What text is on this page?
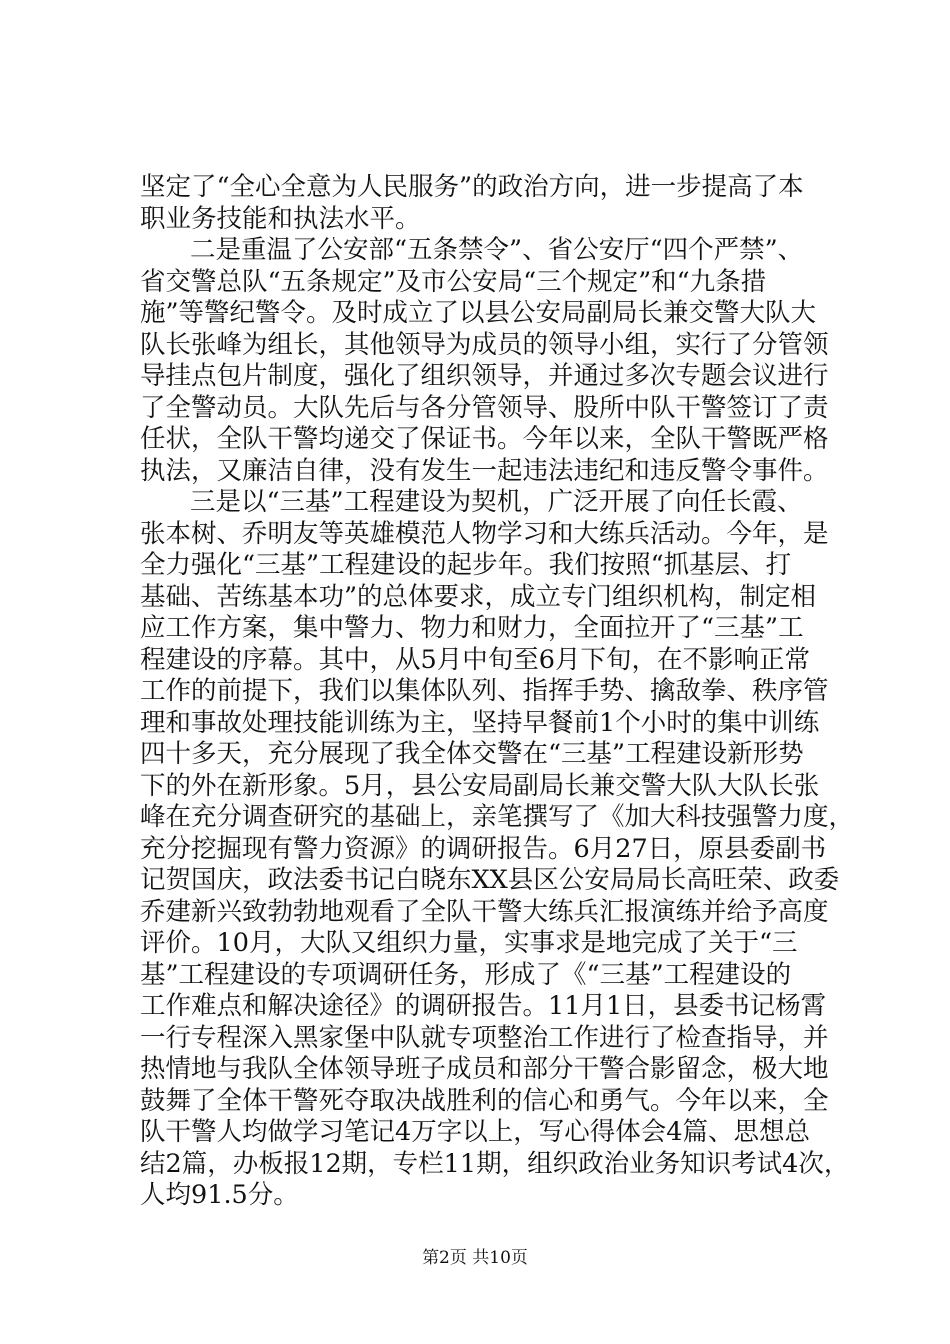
坚定了“全心全意为人民服务”的政治方向，进一步提高了本
职业务技能和执法水平。
二是重温了公安部“五条禁令”、省公安厅“四个严禁”、
省交警总队“五条规定”及市公安局“三个规定”和“九条措
施”等警纪警令。及时成立了以县公安局副局长兼交警大队大
队长张峰为组长，其他领导为成员的领导小组，实行了分管领
导挂点包片制度，强化了组织领导，并通过多次专题会议进行
了全警动员。大队先后与各分管领导、股所中队干警签订了责
任状，全队干警均递交了保证书。今年以来，全队干警既严格
执法，又廉洁自律，没有发生一起违法违纪和违反警令事件。
三是以“三基”工程建设为契机，广泛开展了向任长霞、
张本树、乔明友等英雄模范人物学习和大练兵活动。今年，是
全力强化“三基”工程建设的起步年。我们按照“抓基层、打
基础、苦练基本功”的总体要求，成立专门组织机构，制定相
应工作方案，集中警力、物力和财力，全面拉开了“三基”工
程建设的序幕。其中，从5月中旬至6月下旬，在不影响正常
工作的前提下，我们以集体队列、指挥手势、擒敌拳、秩序管
理和事故处理技能训练为主，坚持早餐前1个小时的集中训练
四十多天，充分展现了我全体交警在“三基”工程建设新形势
下的外在新形象。5月，县公安局副局长兼交警大队大队长张
峰在充分调查研究的基础上，亲笔撰写了《加大科技强警力度，
充分挖掘现有警力资源》的调研报告。6月27日，原县委副书
记贺国庆，政法委书记白晓东XX县区公安局局长高旺荣、政委
乔建新兴致勃勃地观看了全队干警大练兵汇报演练并给予高度
评价。10月，大队又组织力量，实事求是地完成了关于“三
基”工程建设的专项调研任务，形成了《“三基”工程建设的
工作难点和解决途径》的调研报告。11月1日，县委书记杨霄
一行专程深入黑家堡中队就专项整治工作进行了检查指导，并
热情地与我队全体领导班子成员和部分干警合影留念，极大地
鼓舞了全体干警死夺取决战胜利的信心和勇气。今年以来，全
队干警人均做学习笔记4万字以上，写心得体会4篇、思想总
结2篇，办板报12期，专栏11期，组织政治业务知识考试4次，
人均91.5分。
第2页 共10页
